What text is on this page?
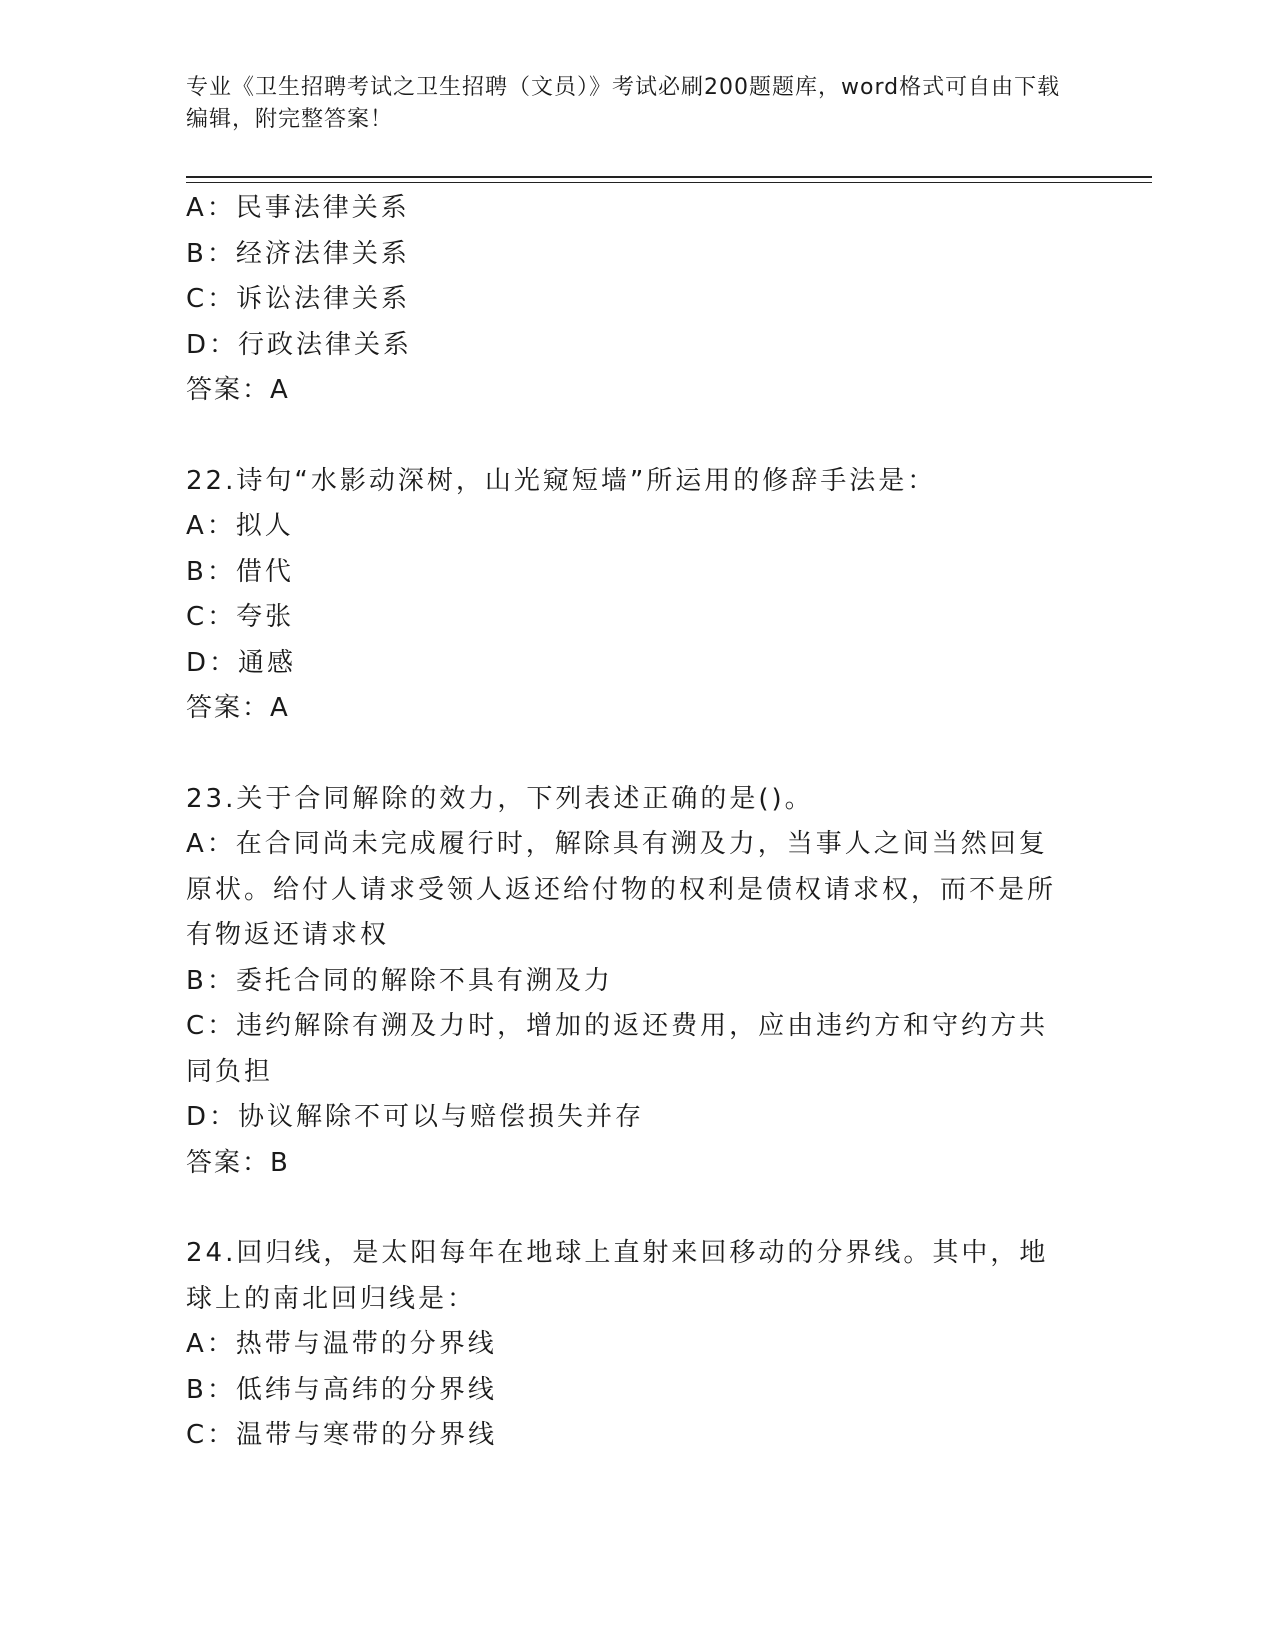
专业《卫生招聘考试之卫生招聘（文员）》考试必刷200题题库，word格式可自由下载编辑，附完整答案！
A：民事法律关系
B：经济法律关系
C：诉讼法律关系
D：行政法律关系
答案：A
22.诗句“水影动深树，山光窥短墙”所运用的修辞手法是：
A：拟人
B：借代
C：夸张
D：通感
答案：A
23.关于合同解除的效力，下列表述正确的是()。
A：在合同尚未完成履行时，解除具有溯及力，当事人之间当然回复原状。给付人请求受领人返还给付物的权利是债权请求权，而不是所有物返还请求权
B：委托合同的解除不具有溯及力
C：违约解除有溯及力时，增加的返还费用，应由违约方和守约方共同负担
D：协议解除不可以与赔偿损失并存
答案：B
24.回归线，是太阳每年在地球上直射来回移动的分界线。其中，地球上的南北回归线是：
A：热带与温带的分界线
B：低纬与高纬的分界线
C：温带与寒带的分界线
